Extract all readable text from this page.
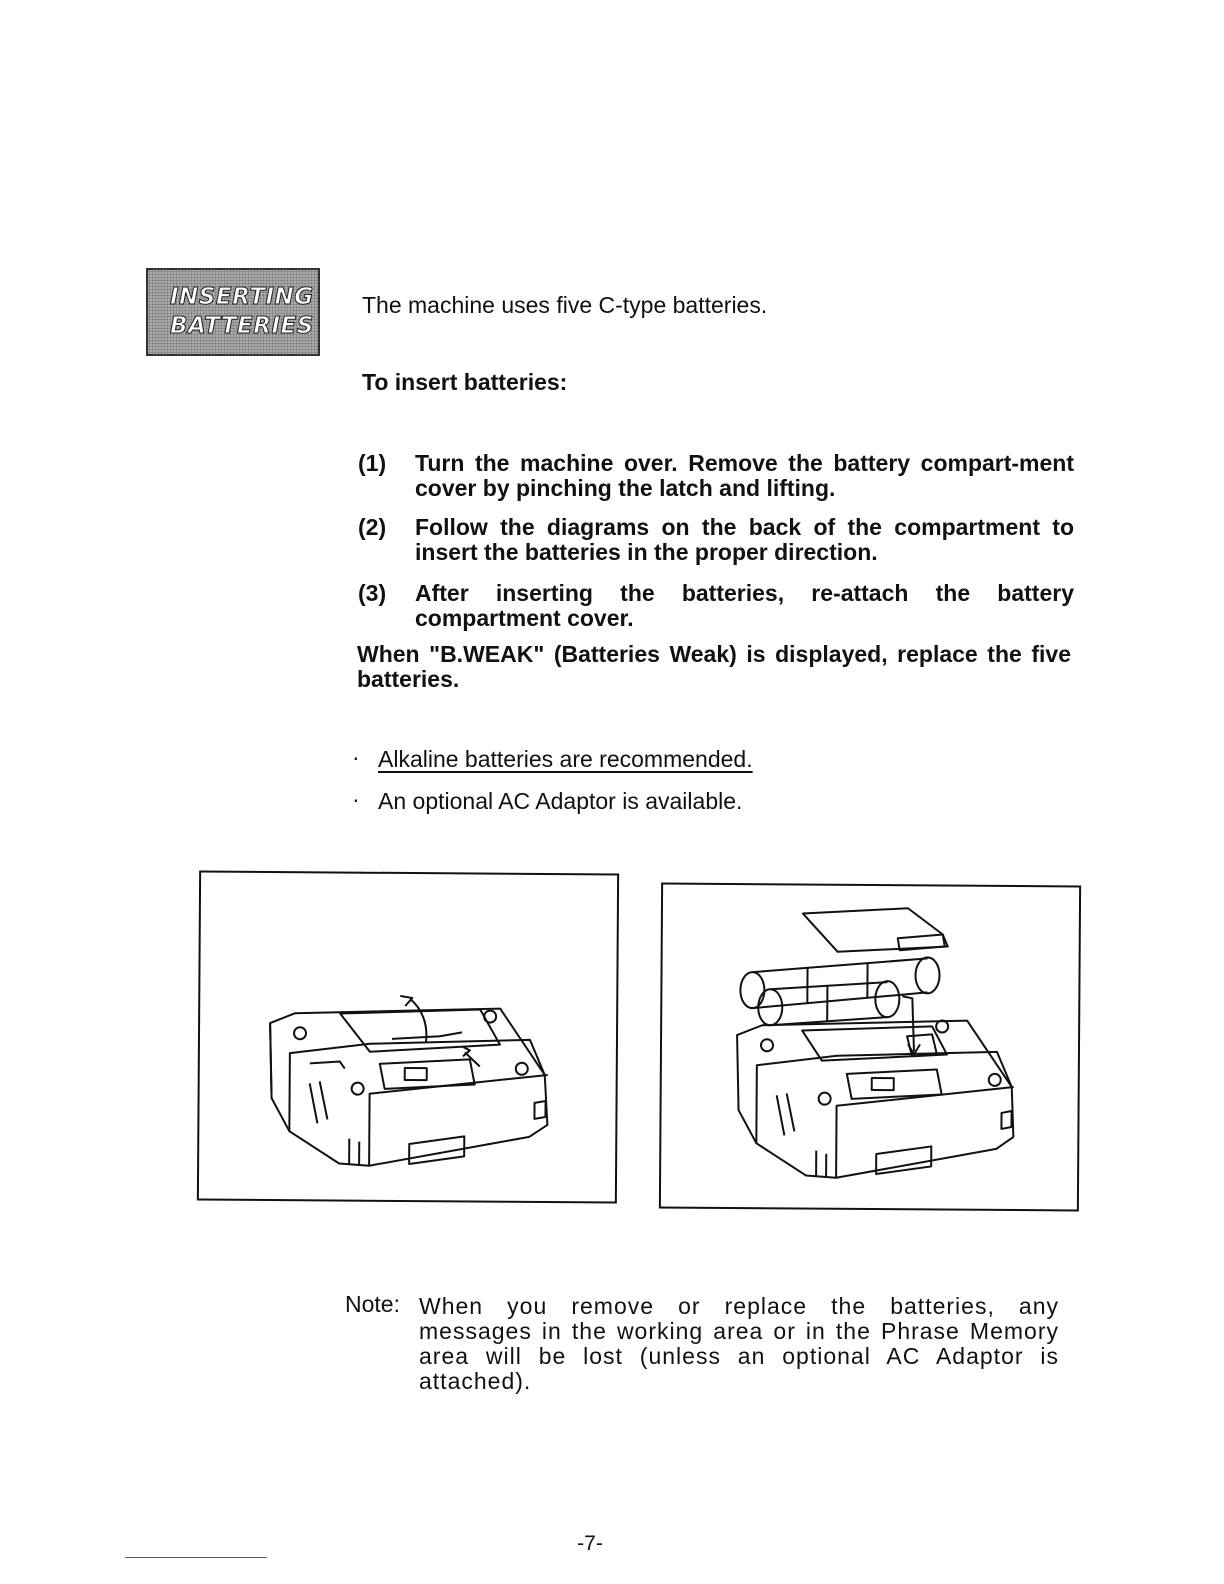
INSERTING
BATTERIES
The machine uses five C-type batteries.
To insert batteries:
(1) Turn the machine over. Remove the battery compart-ment cover by pinching the latch and lifting.
(2) Follow the diagrams on the back of the compartment to insert the batteries in the proper direction.
(3) After inserting the batteries, re-attach the battery compartment cover.
When "B.WEAK" (Batteries Weak) is displayed, replace the five batteries.
· Alkaline batteries are recommended.
· An optional AC Adaptor is available.
Note: When you remove or replace the batteries, any messages in the working area or in the Phrase Memory area will be lost (unless an optional AC Adaptor is attached).
-7-
